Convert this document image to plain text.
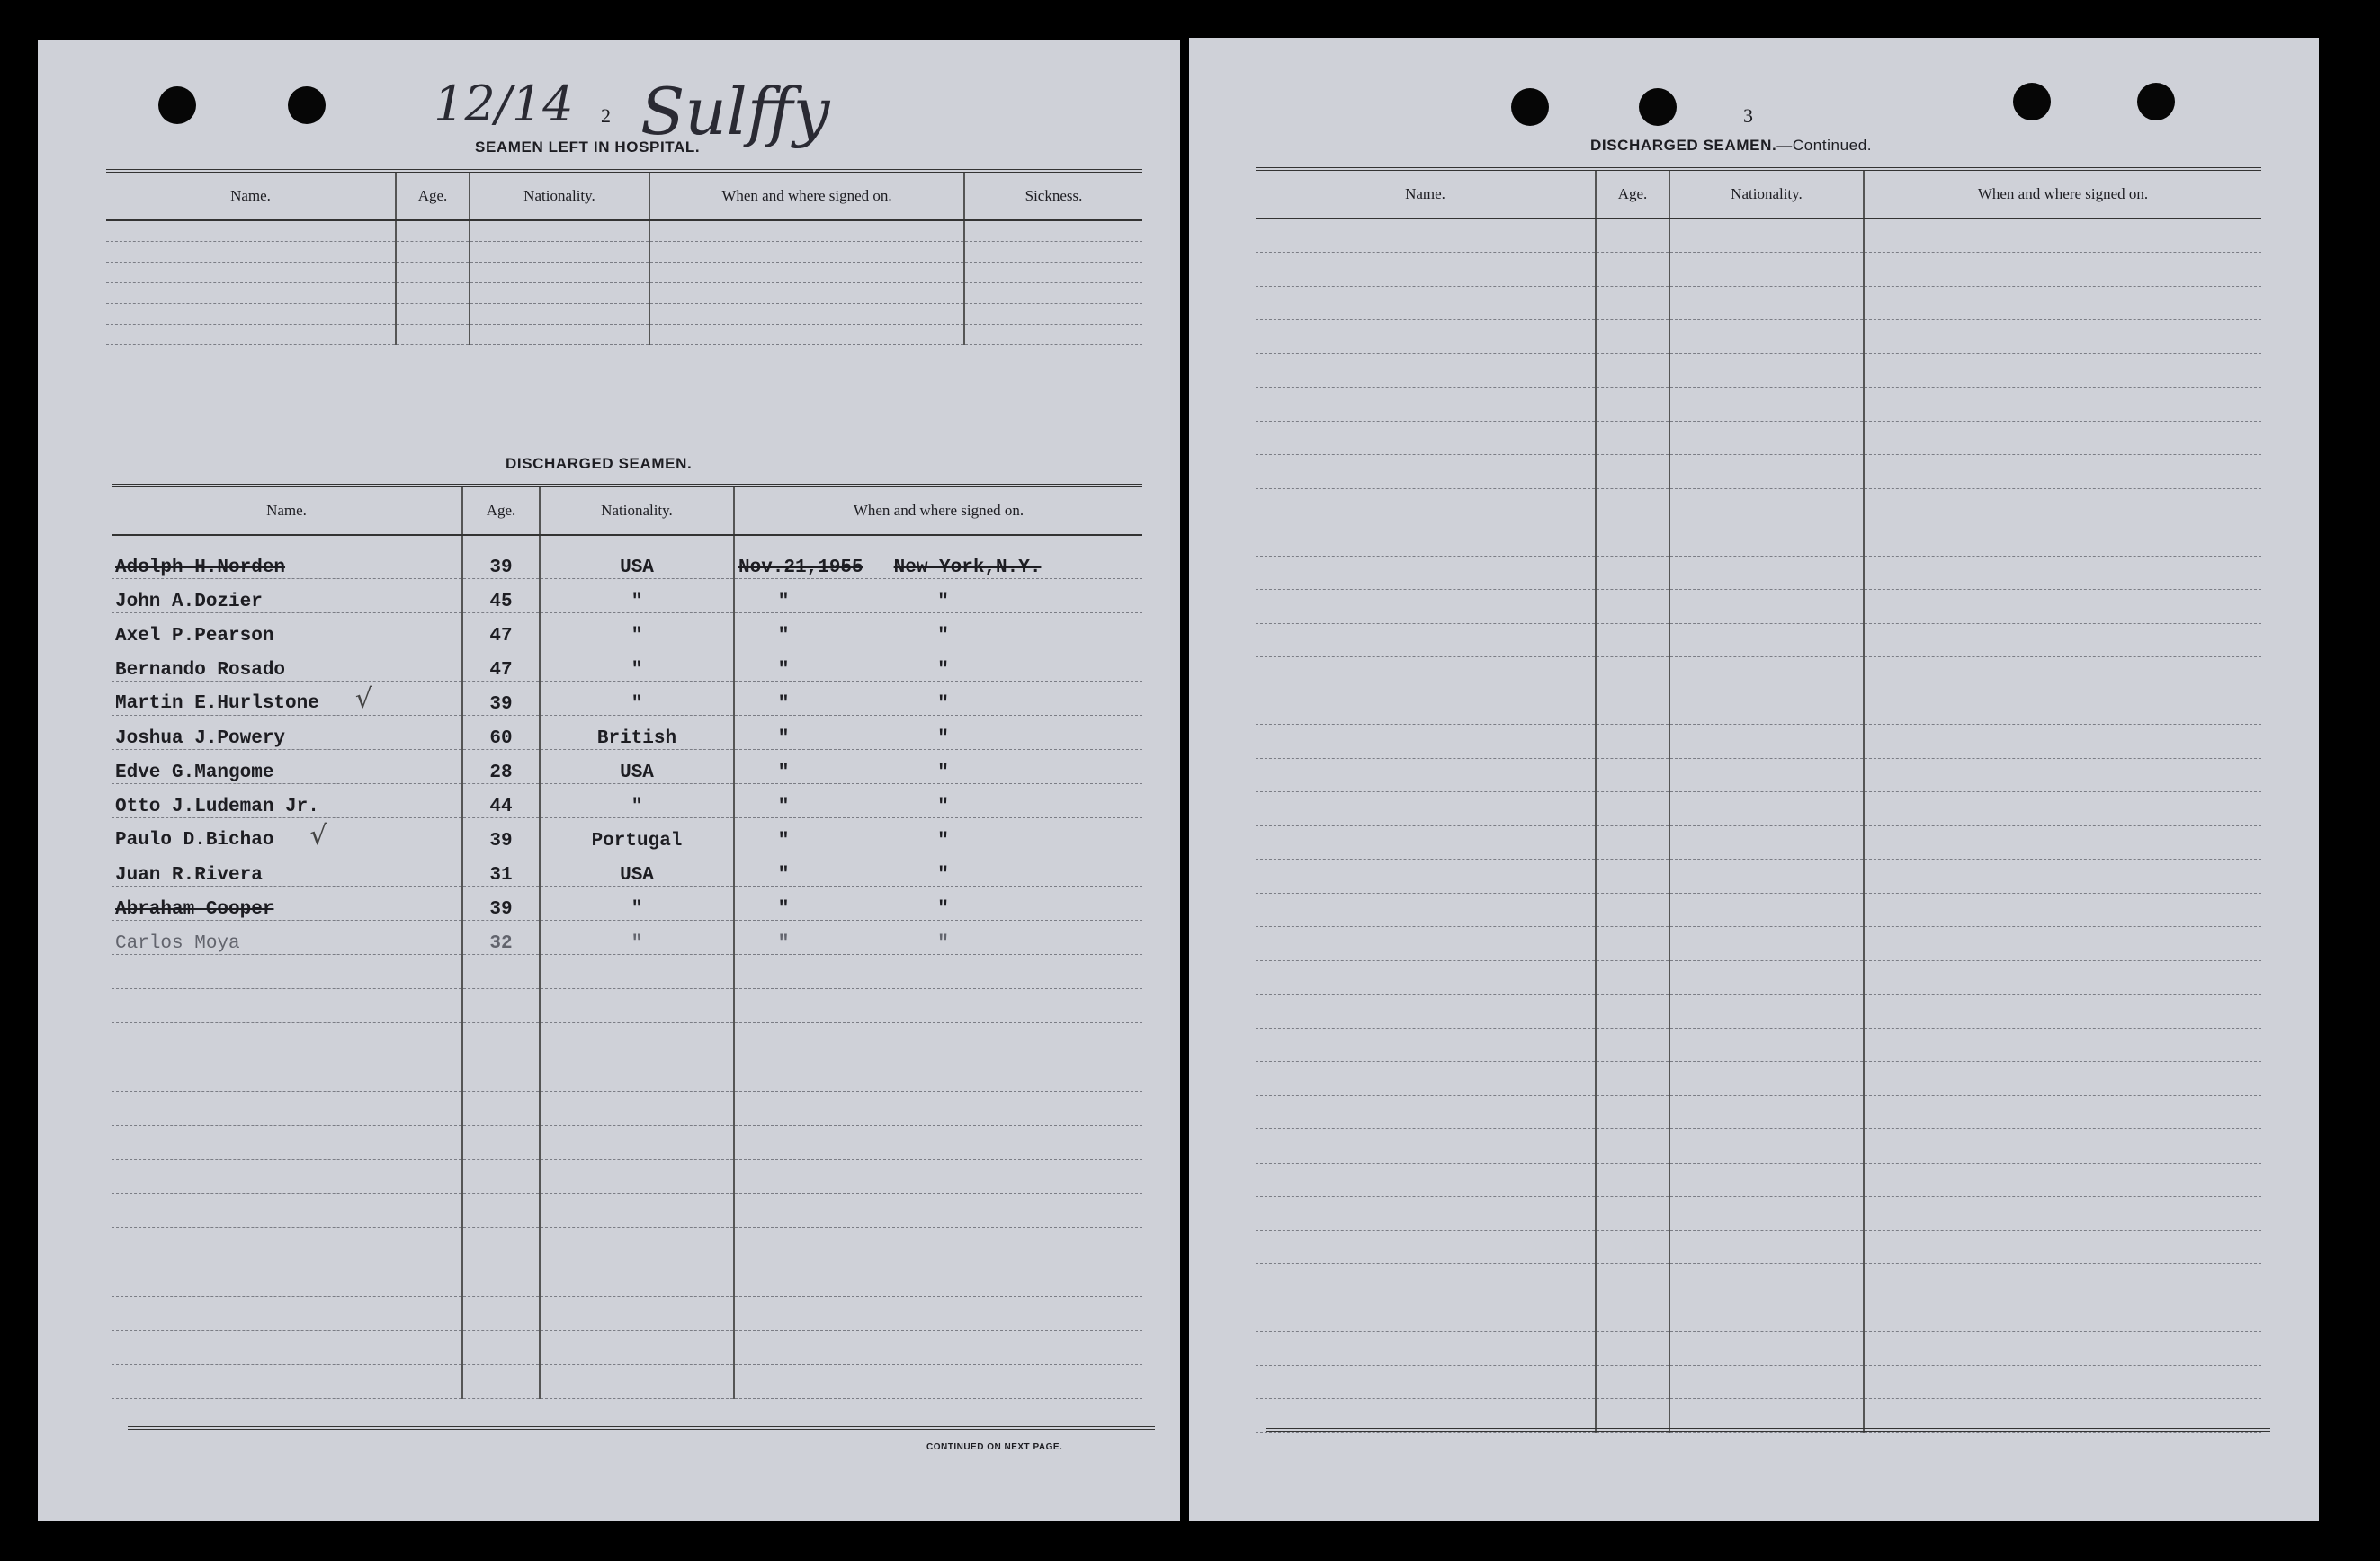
12/14 2 Sulffy
SEAMEN LEFT IN HOSPITAL.
Name.	Age.	Nationality.	When and where signed on.	Sickness.

DISCHARGED SEAMEN.
Name.	Age.	Nationality.	When and where signed on.
Adolph H.Norden	39	USA	Nov.21,1955 New York,N.Y.
John A.Dozier	45	"	" "
Axel P.Pearson	47	"	" "
Bernando Rosado	47	"	" "
Martin E.Hurlstone √	39	"	" "
Joshua J.Powery	60	British	" "
Edve G.Mangome	28	USA	" "
Otto J.Ludeman Jr.	44	"	" "
Paulo D.Bichao √	39	Portugal	" "
Juan R.Rivera	31	USA	" "
Abraham Cooper	39	"	" "
Carlos Moya	32	"	" "

CONTINUED ON NEXT PAGE.
3
DISCHARGED SEAMEN.—Continued.
Name.	Age.	Nationality.	When and where signed on.
